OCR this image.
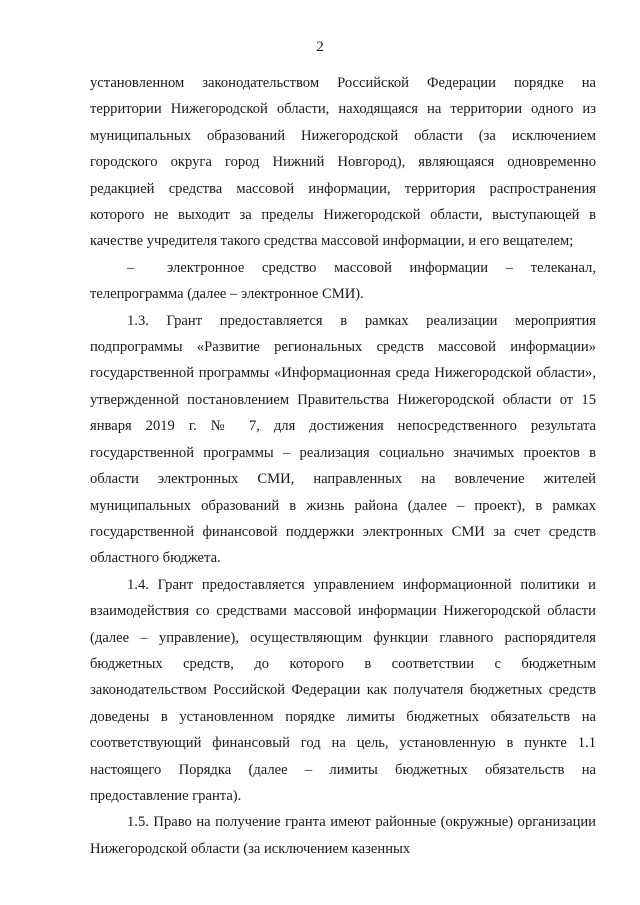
2

установленном законодательством Российской Федерации порядке на территории Нижегородской области, находящаяся на территории одного из муниципальных образований Нижегородской области (за исключением городского округа город Нижний Новгород), являющаяся одновременно редакцией средства массовой информации, территория распространения которого не выходит за пределы Нижегородской области, выступающей в качестве учредителя такого средства массовой информации, и его вещателем;

– электронное средство массовой информации – телеканал, телепрограмма (далее – электронное СМИ).

1.3. Грант предоставляется в рамках реализации мероприятия подпрограммы «Развитие региональных средств массовой информации» государственной программы «Информационная среда Нижегородской области», утвержденной постановлением Правительства Нижегородской области от 15 января 2019 г. № 7, для достижения непосредственного результата государственной программы – реализация социально значимых проектов в области электронных СМИ, направленных на вовлечение жителей муниципальных образований в жизнь района (далее – проект), в рамках государственной финансовой поддержки электронных СМИ за счет средств областного бюджета.

1.4. Грант предоставляется управлением информационной политики и взаимодействия со средствами массовой информации Нижегородской области (далее – управление), осуществляющим функции главного распорядителя бюджетных средств, до которого в соответствии с бюджетным законодательством Российской Федерации как получателя бюджетных средств доведены в установленном порядке лимиты бюджетных обязательств на соответствующий финансовый год на цель, установленную в пункте 1.1 настоящего Порядка (далее – лимиты бюджетных обязательств на предоставление гранта).

1.5. Право на получение гранта имеют районные (окружные) организации Нижегородской области (за исключением казенных
